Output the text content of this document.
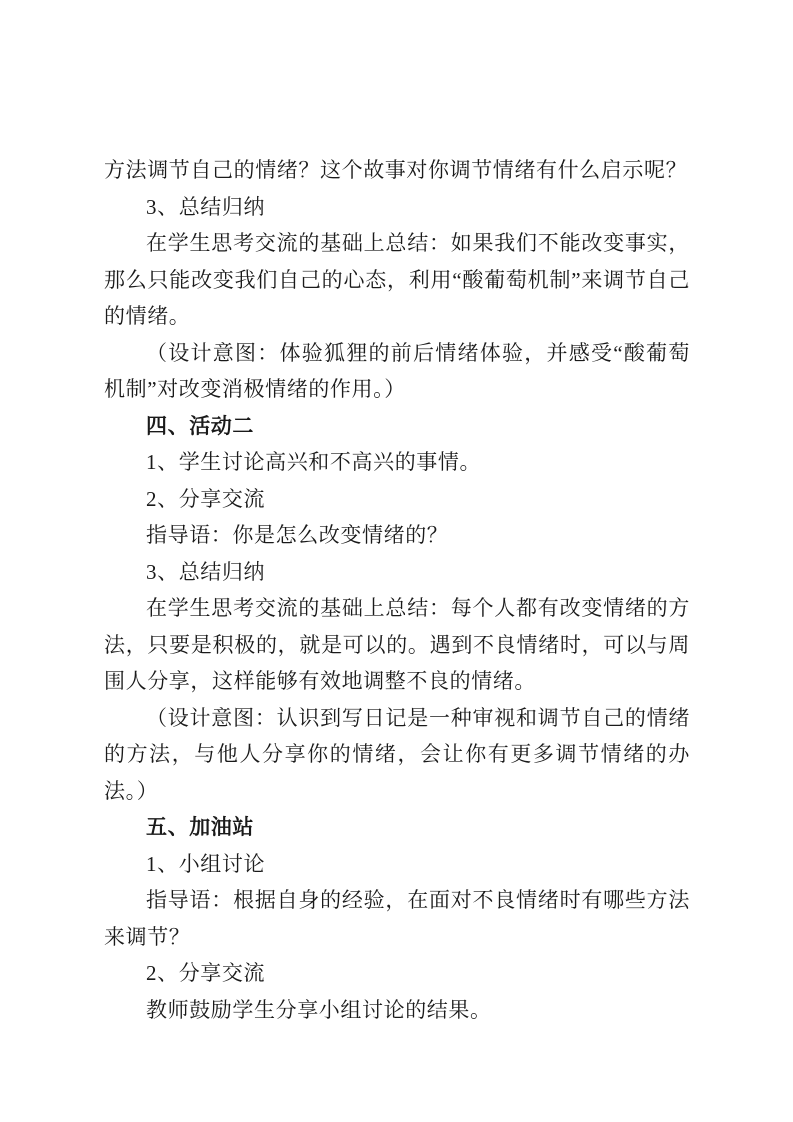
方法调节自己的情绪？这个故事对你调节情绪有什么启示呢？

3、总结归纳

在学生思考交流的基础上总结：如果我们不能改变事实，那么只能改变我们自己的心态，利用“酸葡萄机制”来调节自己的情绪。

（设计意图：体验狐狸的前后情绪体验，并感受“酸葡萄机制”对改变消极情绪的作用。）

四、活动二

1、学生讨论高兴和不高兴的事情。

2、分享交流

指导语：你是怎么改变情绪的？

3、总结归纳

在学生思考交流的基础上总结：每个人都有改变情绪的方法，只要是积极的，就是可以的。遇到不良情绪时，可以与周围人分享，这样能够有效地调整不良的情绪。

（设计意图：认识到写日记是一种审视和调节自己的情绪的方法，与他人分享你的情绪，会让你有更多调节情绪的办法。）

五、加油站

1、小组讨论

指导语：根据自身的经验，在面对不良情绪时有哪些方法来调节？

2、分享交流

教师鼓励学生分享小组讨论的结果。
